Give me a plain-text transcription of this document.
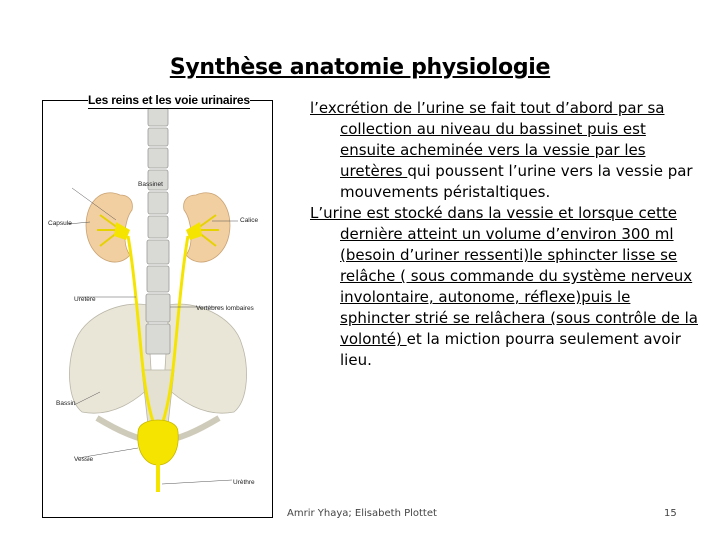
Synthèse anatomie physiologie
Bassinet
Capsule	Calice
Uretère
Vertèbres lombaires
Bassin
Vessie
Urèthre
Les reins et les voie urinaires	l’excrétion de l’urine se fait tout d’abord par sa collection au niveau du bassinet puis est ensuite acheminée vers la vessie par les uretères qui poussent l’urine vers la vessie par mouvements péristaltiques.

L’urine est stocké dans la vessie et lorsque cette dernière atteint un volume d’environ 300 ml (besoin d’uriner ressenti)le sphincter lisse se relâche ( sous commande du système nerveux involontaire, autonome, réflexe)puis le sphincter strié se relâchera (sous contrôle de la volonté) et la miction pourra seulement avoir lieu.

Amrir Yhaya; Elisabeth Plottet	15
